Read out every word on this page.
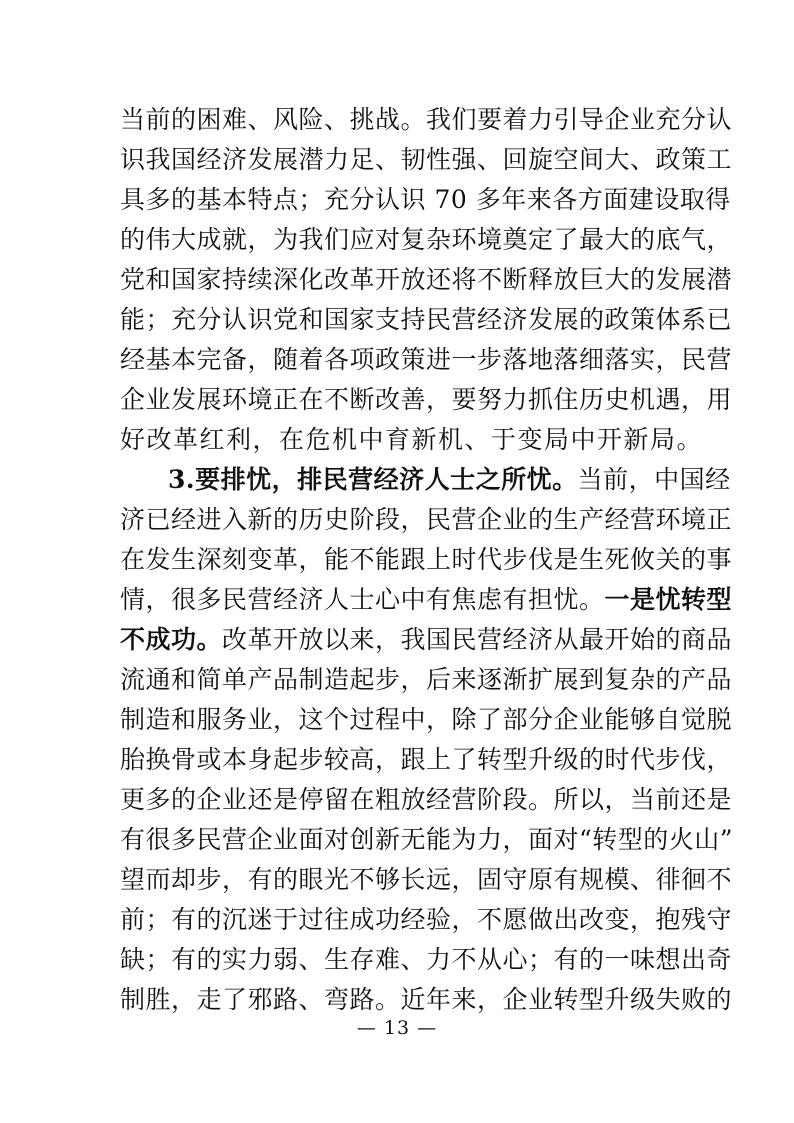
当前的困难、风险、挑战。我们要着力引导企业充分认
识我国经济发展潜力足、韧性强、回旋空间大、政策工
具多的基本特点；充分认识 70 多年来各方面建设取得
的伟大成就，为我们应对复杂环境奠定了最大的底气，
党和国家持续深化改革开放还将不断释放巨大的发展潜
能；充分认识党和国家支持民营经济发展的政策体系已
经基本完备，随着各项政策进一步落地落细落实，民营
企业发展环境正在不断改善，要努力抓住历史机遇，用
好改革红利，在危机中育新机、于变局中开新局。
3.要排忧，排民营经济人士之所忧。当前，中国经
济已经进入新的历史阶段，民营企业的生产经营环境正
在发生深刻变革，能不能跟上时代步伐是生死攸关的事
情，很多民营经济人士心中有焦虑有担忧。一是忧转型
不成功。改革开放以来，我国民营经济从最开始的商品
流通和简单产品制造起步，后来逐渐扩展到复杂的产品
制造和服务业，这个过程中，除了部分企业能够自觉脱
胎换骨或本身起步较高，跟上了转型升级的时代步伐，
更多的企业还是停留在粗放经营阶段。所以，当前还是
有很多民营企业面对创新无能为力，面对“转型的火山”
望而却步，有的眼光不够长远，固守原有规模、徘徊不
前；有的沉迷于过往成功经验，不愿做出改变，抱残守
缺；有的实力弱、生存难、力不从心；有的一味想出奇
制胜，走了邪路、弯路。近年来，企业转型升级失败的
— 13 —
